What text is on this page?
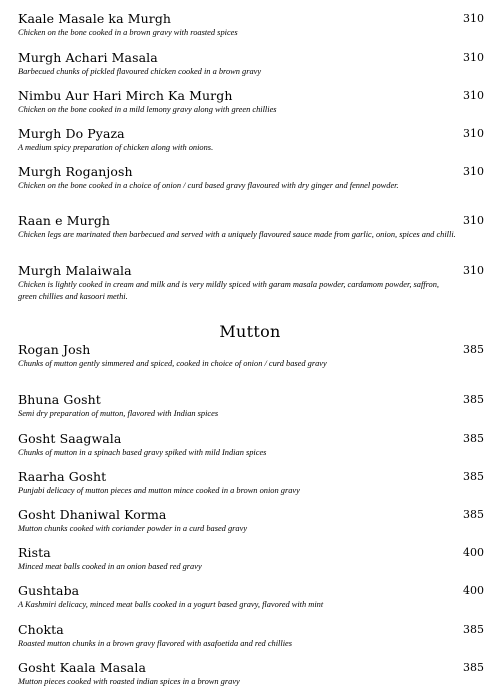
Kaale Masale ka Murgh
Chicken on the bone cooked in a brown gravy with roasted spices
310
Murgh Achari Masala
Barbecued chunks of pickled flavoured chicken cooked in a brown gravy
310
Nimbu Aur Hari Mirch Ka Murgh
Chicken on the bone cooked in a mild lemony gravy along with green chillies
310
Murgh Do Pyaza
A medium spicy preparation of chicken along with onions.
310
Murgh Roganjosh
Chicken on the bone cooked in a choice of onion / curd based gravy flavoured with dry ginger and fennel powder.
310
Raan e Murgh
Chicken legs are marinated then barbecued and served with a uniquely flavoured sauce made from garlic, onion, spices and chilli.
310
Murgh Malaiwala
Chicken is lightly cooked in cream and milk and is very mildly spiced with garam masala powder, cardamom powder, saffron, green chillies and kasoori methi.
310
Mutton
Rogan Josh
Chunks of mutton gently simmered and spiced, cooked in choice of onion / curd based gravy
385
Bhuna Gosht
Semi dry preparation of mutton, flavored with Indian spices
385
Gosht Saagwala
Chunks of mutton in a spinach based gravy spiked with mild Indian spices
385
Raarha Gosht
Punjabi delicacy of mutton pieces and mutton mince cooked in a brown onion gravy
385
Gosht Dhaniwal Korma
Mutton chunks cooked with coriander powder in a curd based gravy
385
Rista
Minced meat balls cooked in an onion based red gravy
400
Gushtaba
A Kashmiri delicacy, minced meat balls cooked in a yogurt based gravy, flavored with mint
400
Chokta
Roasted mutton chunks in a brown gravy flavored with asafoetida and red chillies
385
Gosht Kaala Masala
Mutton pieces cooked with roasted indian spices in a brown gravy
385
